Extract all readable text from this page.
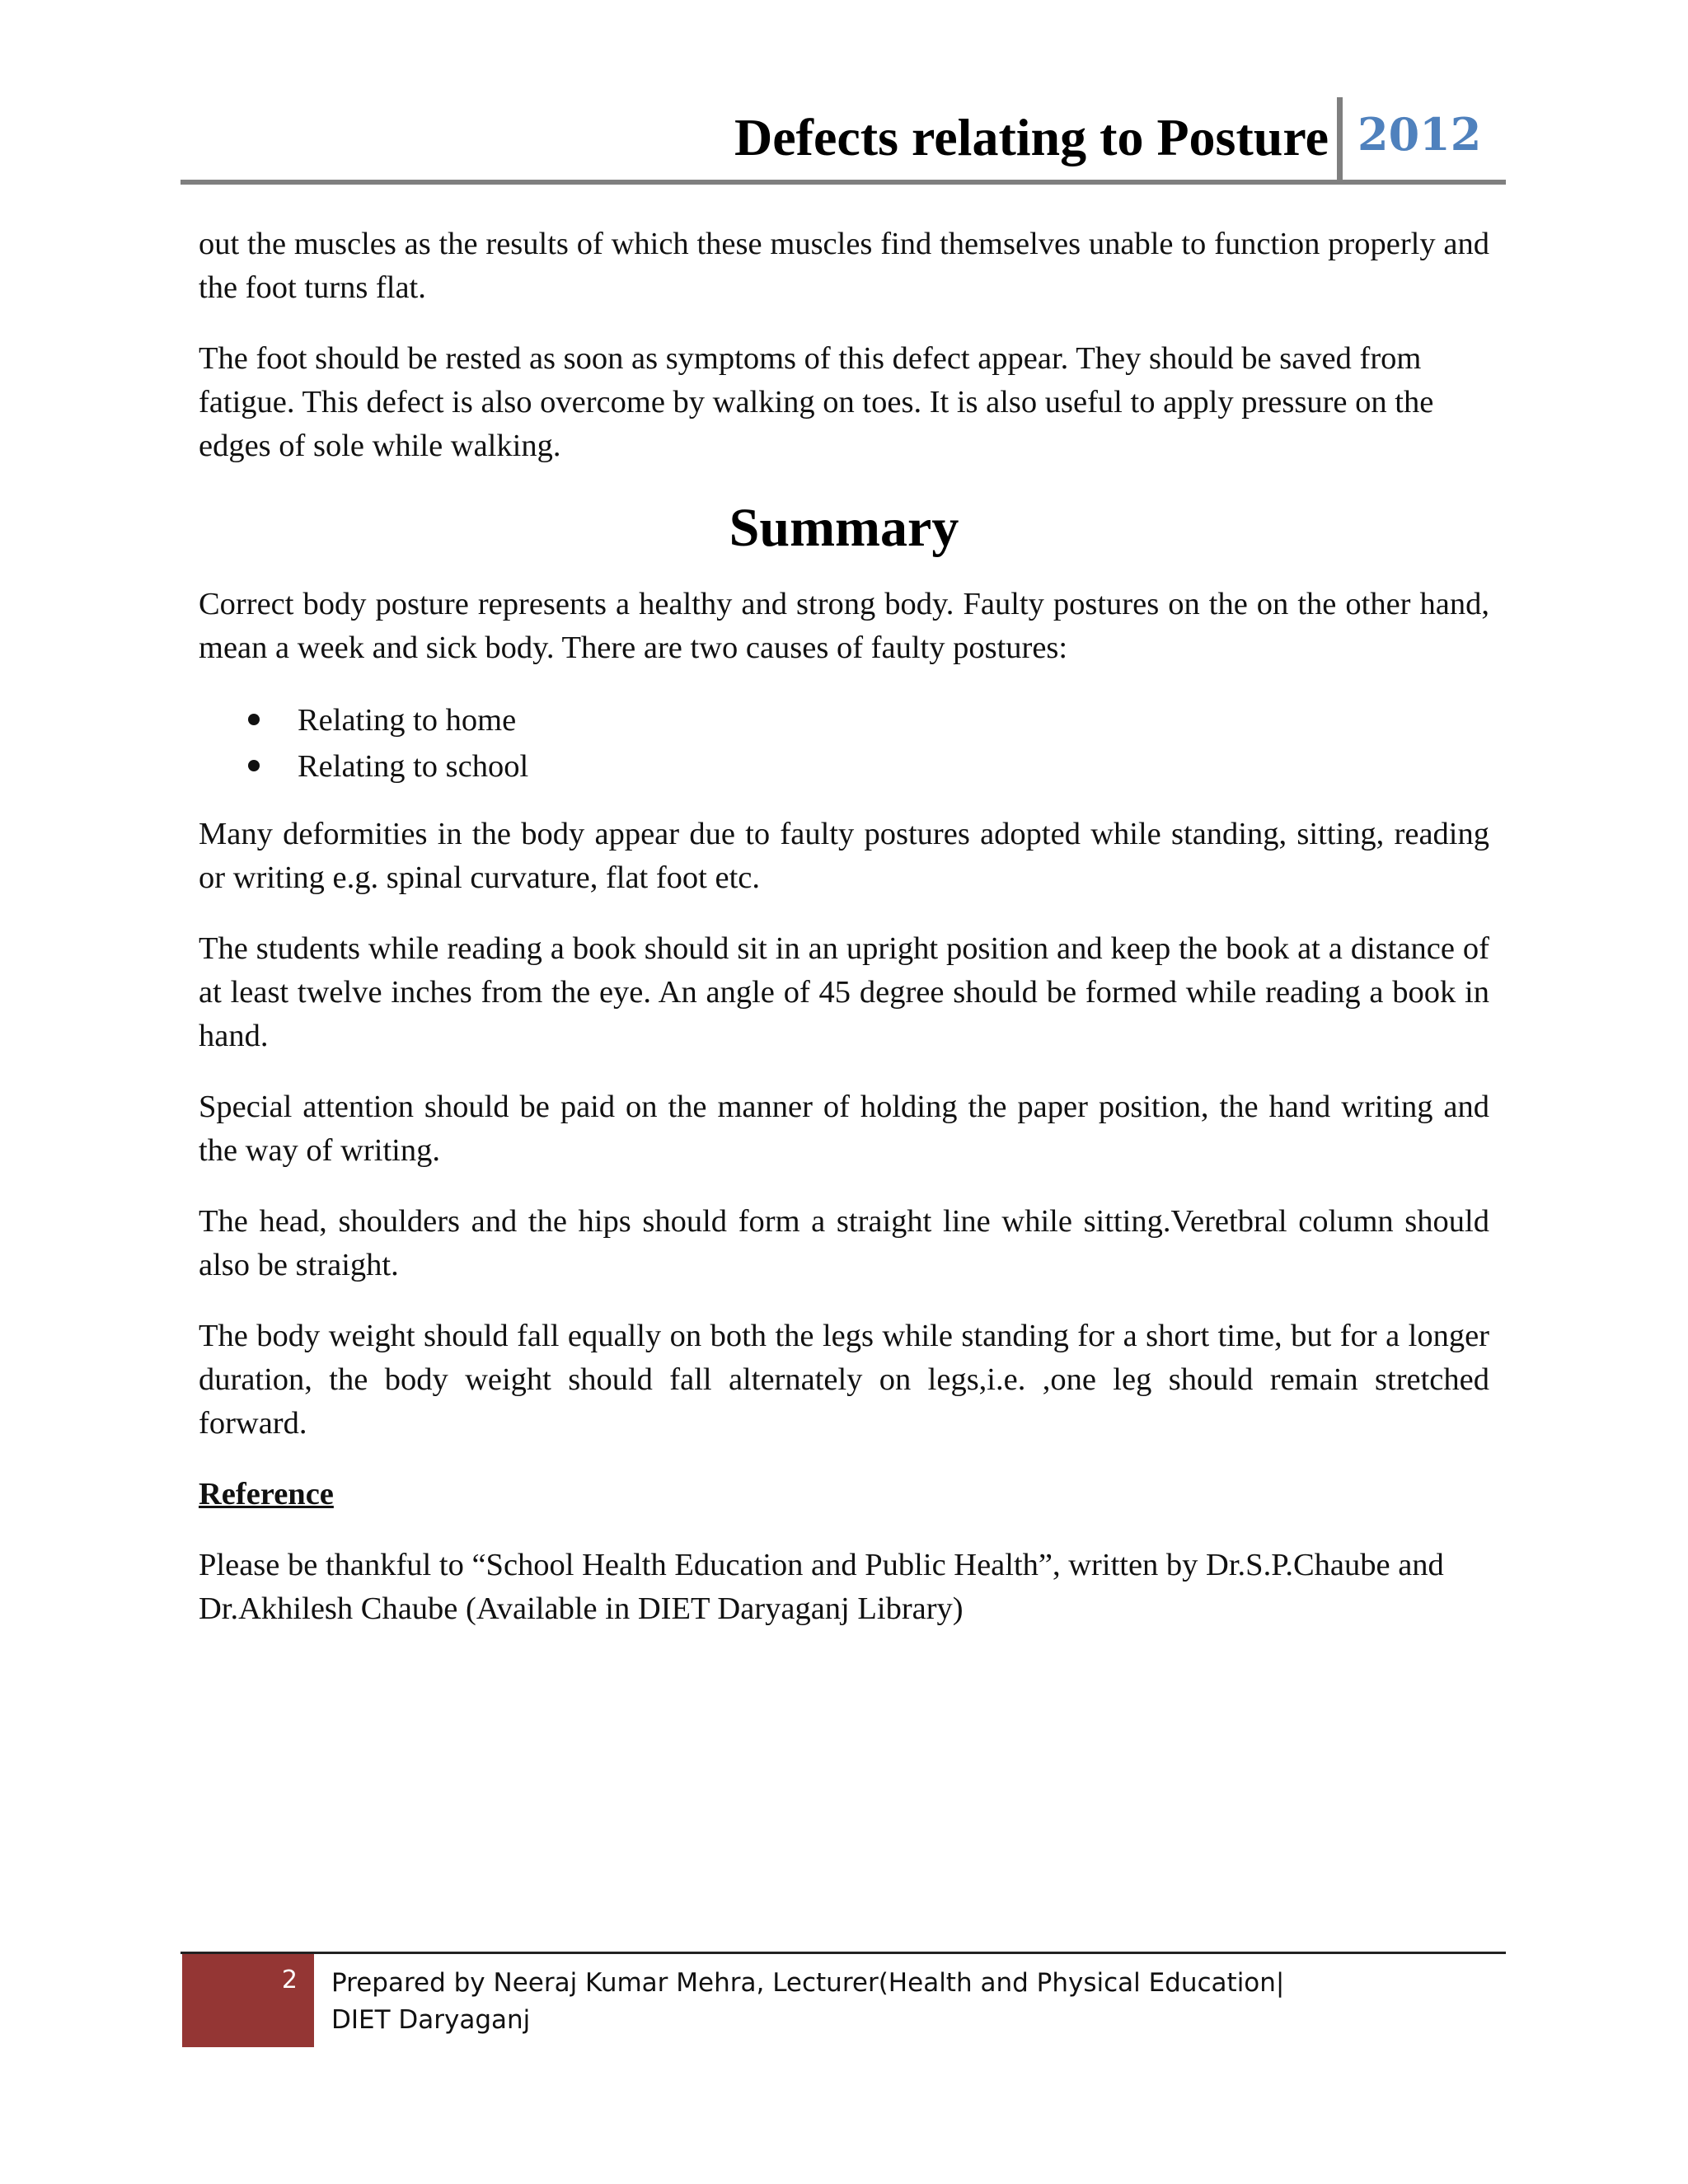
Defects relating to Posture 2012

out the muscles as the results of which these muscles find themselves unable to function properly and the foot turns flat.

The foot should be rested as soon as symptoms of this defect appear. They should be saved from fatigue. This defect is also overcome by walking on toes. It is also useful to apply pressure on the edges of sole while walking.

Summary

Correct body posture represents a healthy and strong body. Faulty postures on the on the other hand, mean a week and sick body. There are two causes of faulty postures:

Relating to home
Relating to school

Many deformities in the body appear due to faulty postures adopted while standing, sitting, reading or writing e.g. spinal curvature, flat foot etc.

The students while reading a book should sit in an upright position and keep the book at a distance of at least twelve inches from the eye. An angle of 45 degree should be formed while reading a book in hand.

Special attention should be paid on the manner of holding the paper position, the hand writing and the way of writing.

The head, shoulders and the hips should form a straight line while sitting.Veretbral column should also be straight.

The body weight should fall equally on both the legs while standing for a short time, but for a longer duration, the body weight should fall alternately on legs,i.e. ,one leg should remain stretched forward.

Reference

Please be thankful to “School Health Education and Public Health”, written by Dr.S.P.Chaube and Dr.Akhilesh Chaube (Available in DIET Daryaganj Library)

2 Prepared by Neeraj Kumar Mehra, Lecturer(Health and Physical Education|
DIET Daryaganj
